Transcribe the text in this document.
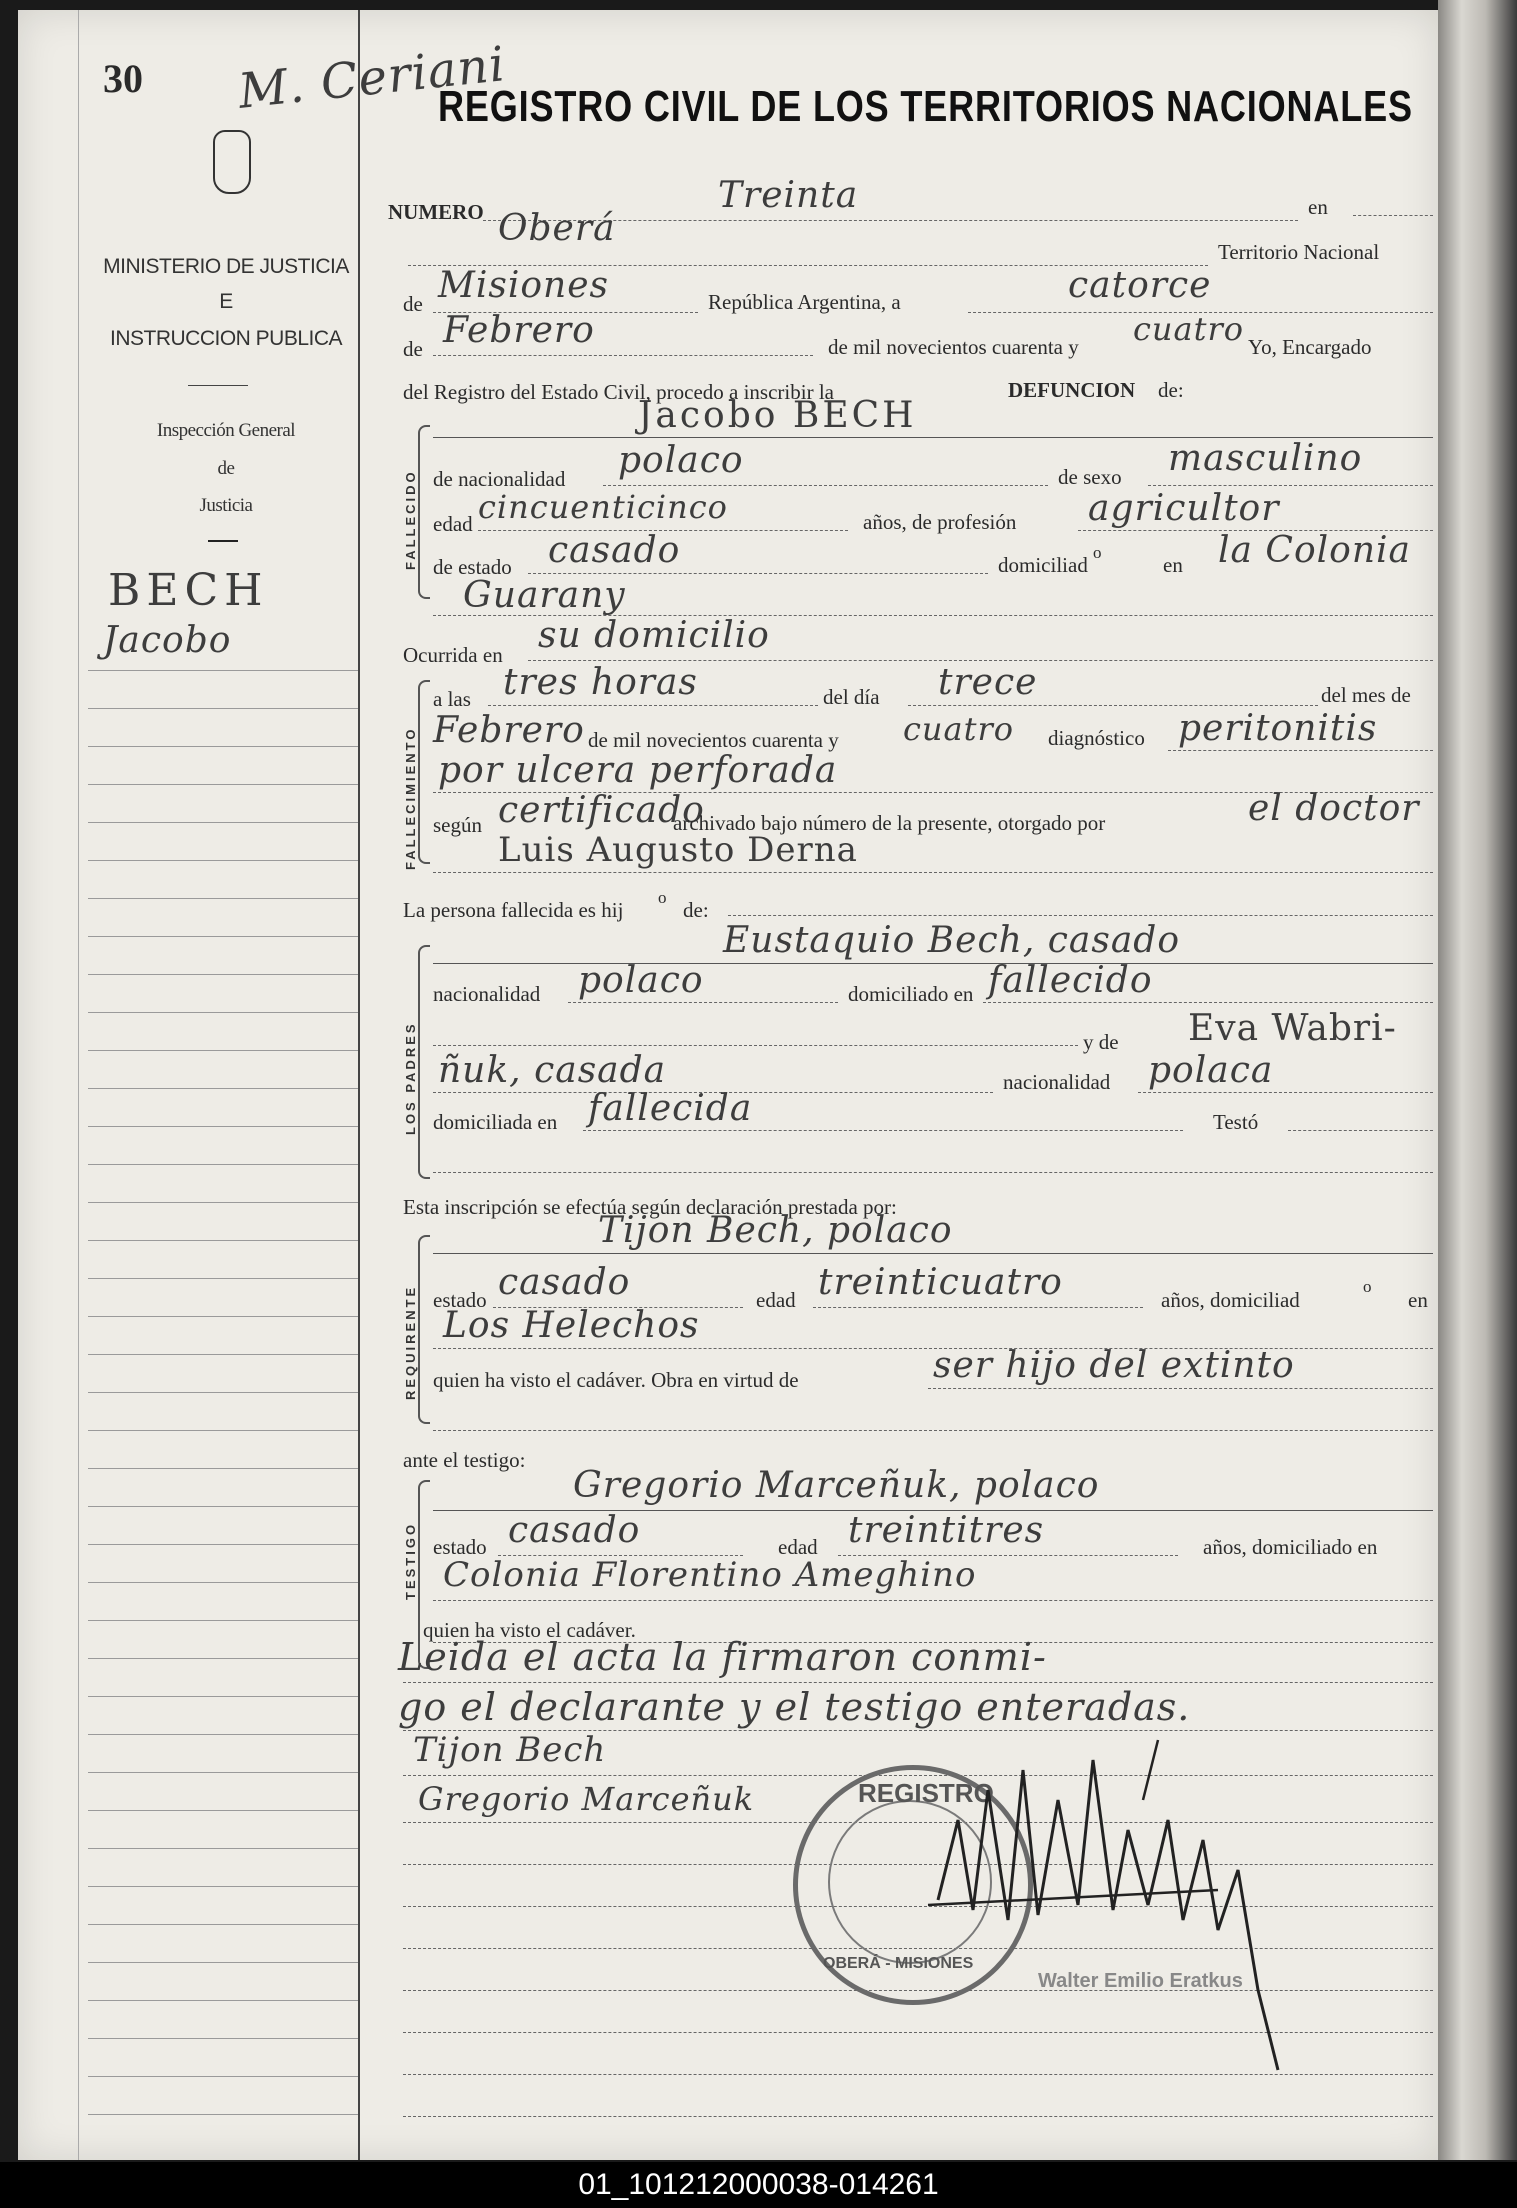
30 M. Ceriani
REGISTRO CIVIL DE LOS TERRITORIOS NACIONALES
MINISTERIO DE JUSTICIA
E
INSTRUCCION PUBLICA
Inspección General
de
Justicia
BECH
Jacobo
NUMERO	Treinta	en
Oberá
Territorio Nacional
de Misiones	República Argentina, a	catorce
de Febrero	de mil novecientos cuarenta y cuatro Yo, Encargado
del Registro del Estado Civil, procedo a inscribir la	DEFUNCION de:
FALLECIDO
Jacobo BECH
de nacionalidad polaco	de sexo masculino
edad cincuenticinco	años, de profesión agricultor
de estado casado	domiciliad
o
en la Colonia
Guarany
Ocurrida en su domicilio
FALLECIMIENTO
a las tres horas	del día trece	del mes de
Febrero de mil novecientos cuarenta y cuatro diagnóstico peritonitis
por ulcera perforada
según certificado
archivado bajo número de la presente, otorgado por	el doctor
Luis Augusto Derna
La persona fallecida es hij
o
de:
LOS PADRES
Eustaquio Bech, casado
nacionalidad polaco	domiciliado en fallecido
y de Eva Wabri-
ñuk, casada	nacionalidad polaca
domiciliada en fallecida	Testó
Esta inscripción se efectúa según declaración prestada por:
REQUIRENTE
Tijon Bech, polaco
estado casado	edad treinticuatro	años, domiciliad
o
en
Los Helechos
quien ha visto el cadáver. Obra en virtud de	ser hijo del extinto
ante el testigo:
TESTIGO
Gregorio Marceñuk, polaco
estado casado	edad treintitres	años, domiciliado en
Colonia Florentino Ameghino
quien ha visto el cadáver.
Leida el acta la firmaron conmi-
go el declarante y el testigo enteradas.
Tijon Bech
Gregorio Marceñuk	REGISTRO
OBERÁ - MISIONES
Walter Emilio Eratkus
01_101212000038-014261
